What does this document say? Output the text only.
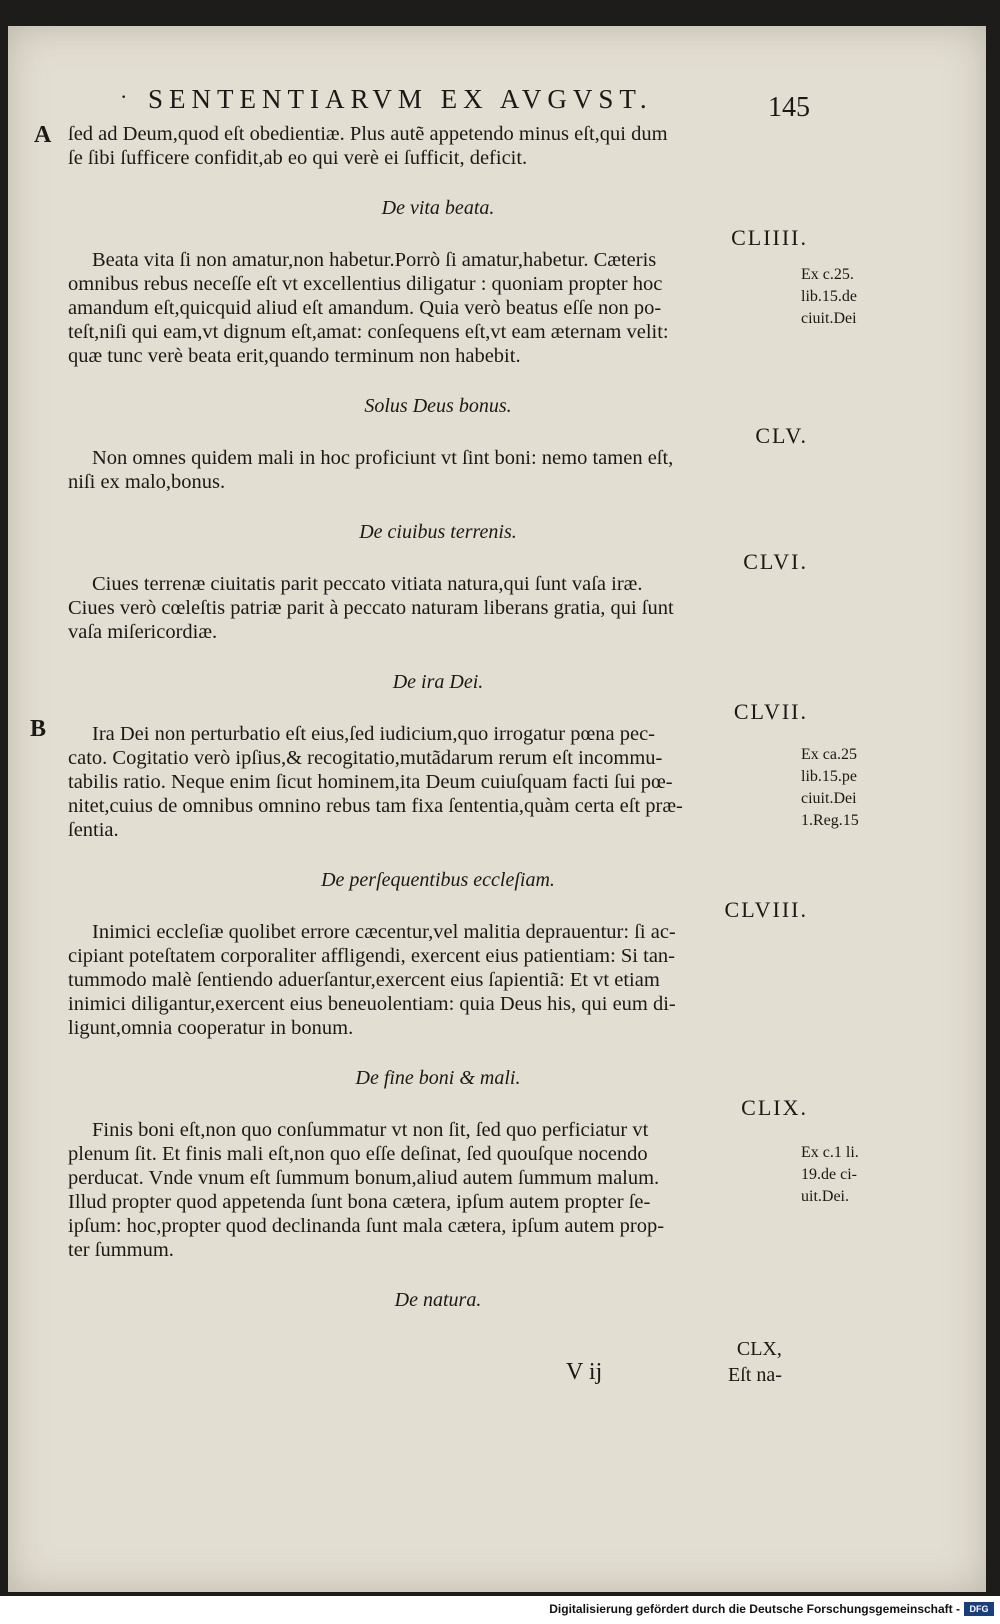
· SENTENTIARVM EX AVGVST.	145
A
B

ſed ad Deum,quod eſt obedientiæ. Plus autẽ appetendo minus eſt,qui dum

ſe ſibi ſufficere confidit,ab eo qui verè ei ſufficit, deficit.

De vita beata.
CLIIII.

Beata vita ſi non amatur,non habetur.Porrò ſi amatur,habetur. Cæteris

omnibus rebus neceſſe eſt vt excellentius diligatur : quoniam propter hoc

amandum eſt,quicquid aliud eſt amandum. Quia verò beatus eſſe non po-

teſt,niſi qui eam,vt dignum eſt,amat: conſequens eſt,vt eam æternam velit:

quæ tunc verè beata erit,quando terminum non habebit.

Solus Deus bonus.
CLV.

Non omnes quidem mali in hoc proficiunt vt ſint boni: nemo tamen eſt,

niſi ex malo,bonus.

De ciuibus terrenis.
CLVI.

Ciues terrenæ ciuitatis parit peccato vitiata natura,qui ſunt vaſa iræ.

Ciues verò cœleſtis patriæ parit à peccato naturam liberans gratia, qui ſunt

vaſa miſericordiæ.

De ira Dei.
CLVII.

Ira Dei non perturbatio eſt eius,ſed iudicium,quo irrogatur pœna pec-

cato. Cogitatio verò ipſius,& recogitatio,mutãdarum rerum eſt incommu-

tabilis ratio. Neque enim ſicut hominem,ita Deum cuiuſquam facti ſui pœ-

nitet,cuius de omnibus omnino rebus tam fixa ſententia,quàm certa eſt præ-

ſentia.

De perſequentibus eccleſiam.
CLVIII.

Inimici eccleſiæ quolibet errore cæcentur,vel malitia deprauentur: ſi ac-

cipiant poteſtatem corporaliter affligendi, exercent eius patientiam: Si tan-

tummodo malè ſentiendo aduerſantur,exercent eius ſapientiã: Et vt etiam

inimici diligantur,exercent eius beneuolentiam: quia Deus his, qui eum di-

ligunt,omnia cooperatur in bonum.

De fine boni & mali.
CLIX.

Finis boni eſt,non quo conſummatur vt non ſit, ſed quo perficiatur vt

plenum ſit. Et finis mali eſt,non quo eſſe deſinat, ſed quouſque nocendo

perducat. Vnde vnum eſt ſummum bonum,aliud autem ſummum malum.

Illud propter quod appetenda ſunt bona cætera, ipſum autem propter ſe-

ipſum: hoc,propter quod declinanda ſunt mala cætera, ipſum autem prop-

ter ſummum.

De natura.
Ex c.25.
lib.15.de
ciuit.Dei
Ex ca.25
lib.15.pe
ciuit.Dei
1.Reg.15
Ex c.1 li.
19.de ci-
uit.Dei.
V ij
CLX,
Eſt na-
Digitalisierung gefördert durch die Deutsche Forschungsgemeinschaft -	DFG
